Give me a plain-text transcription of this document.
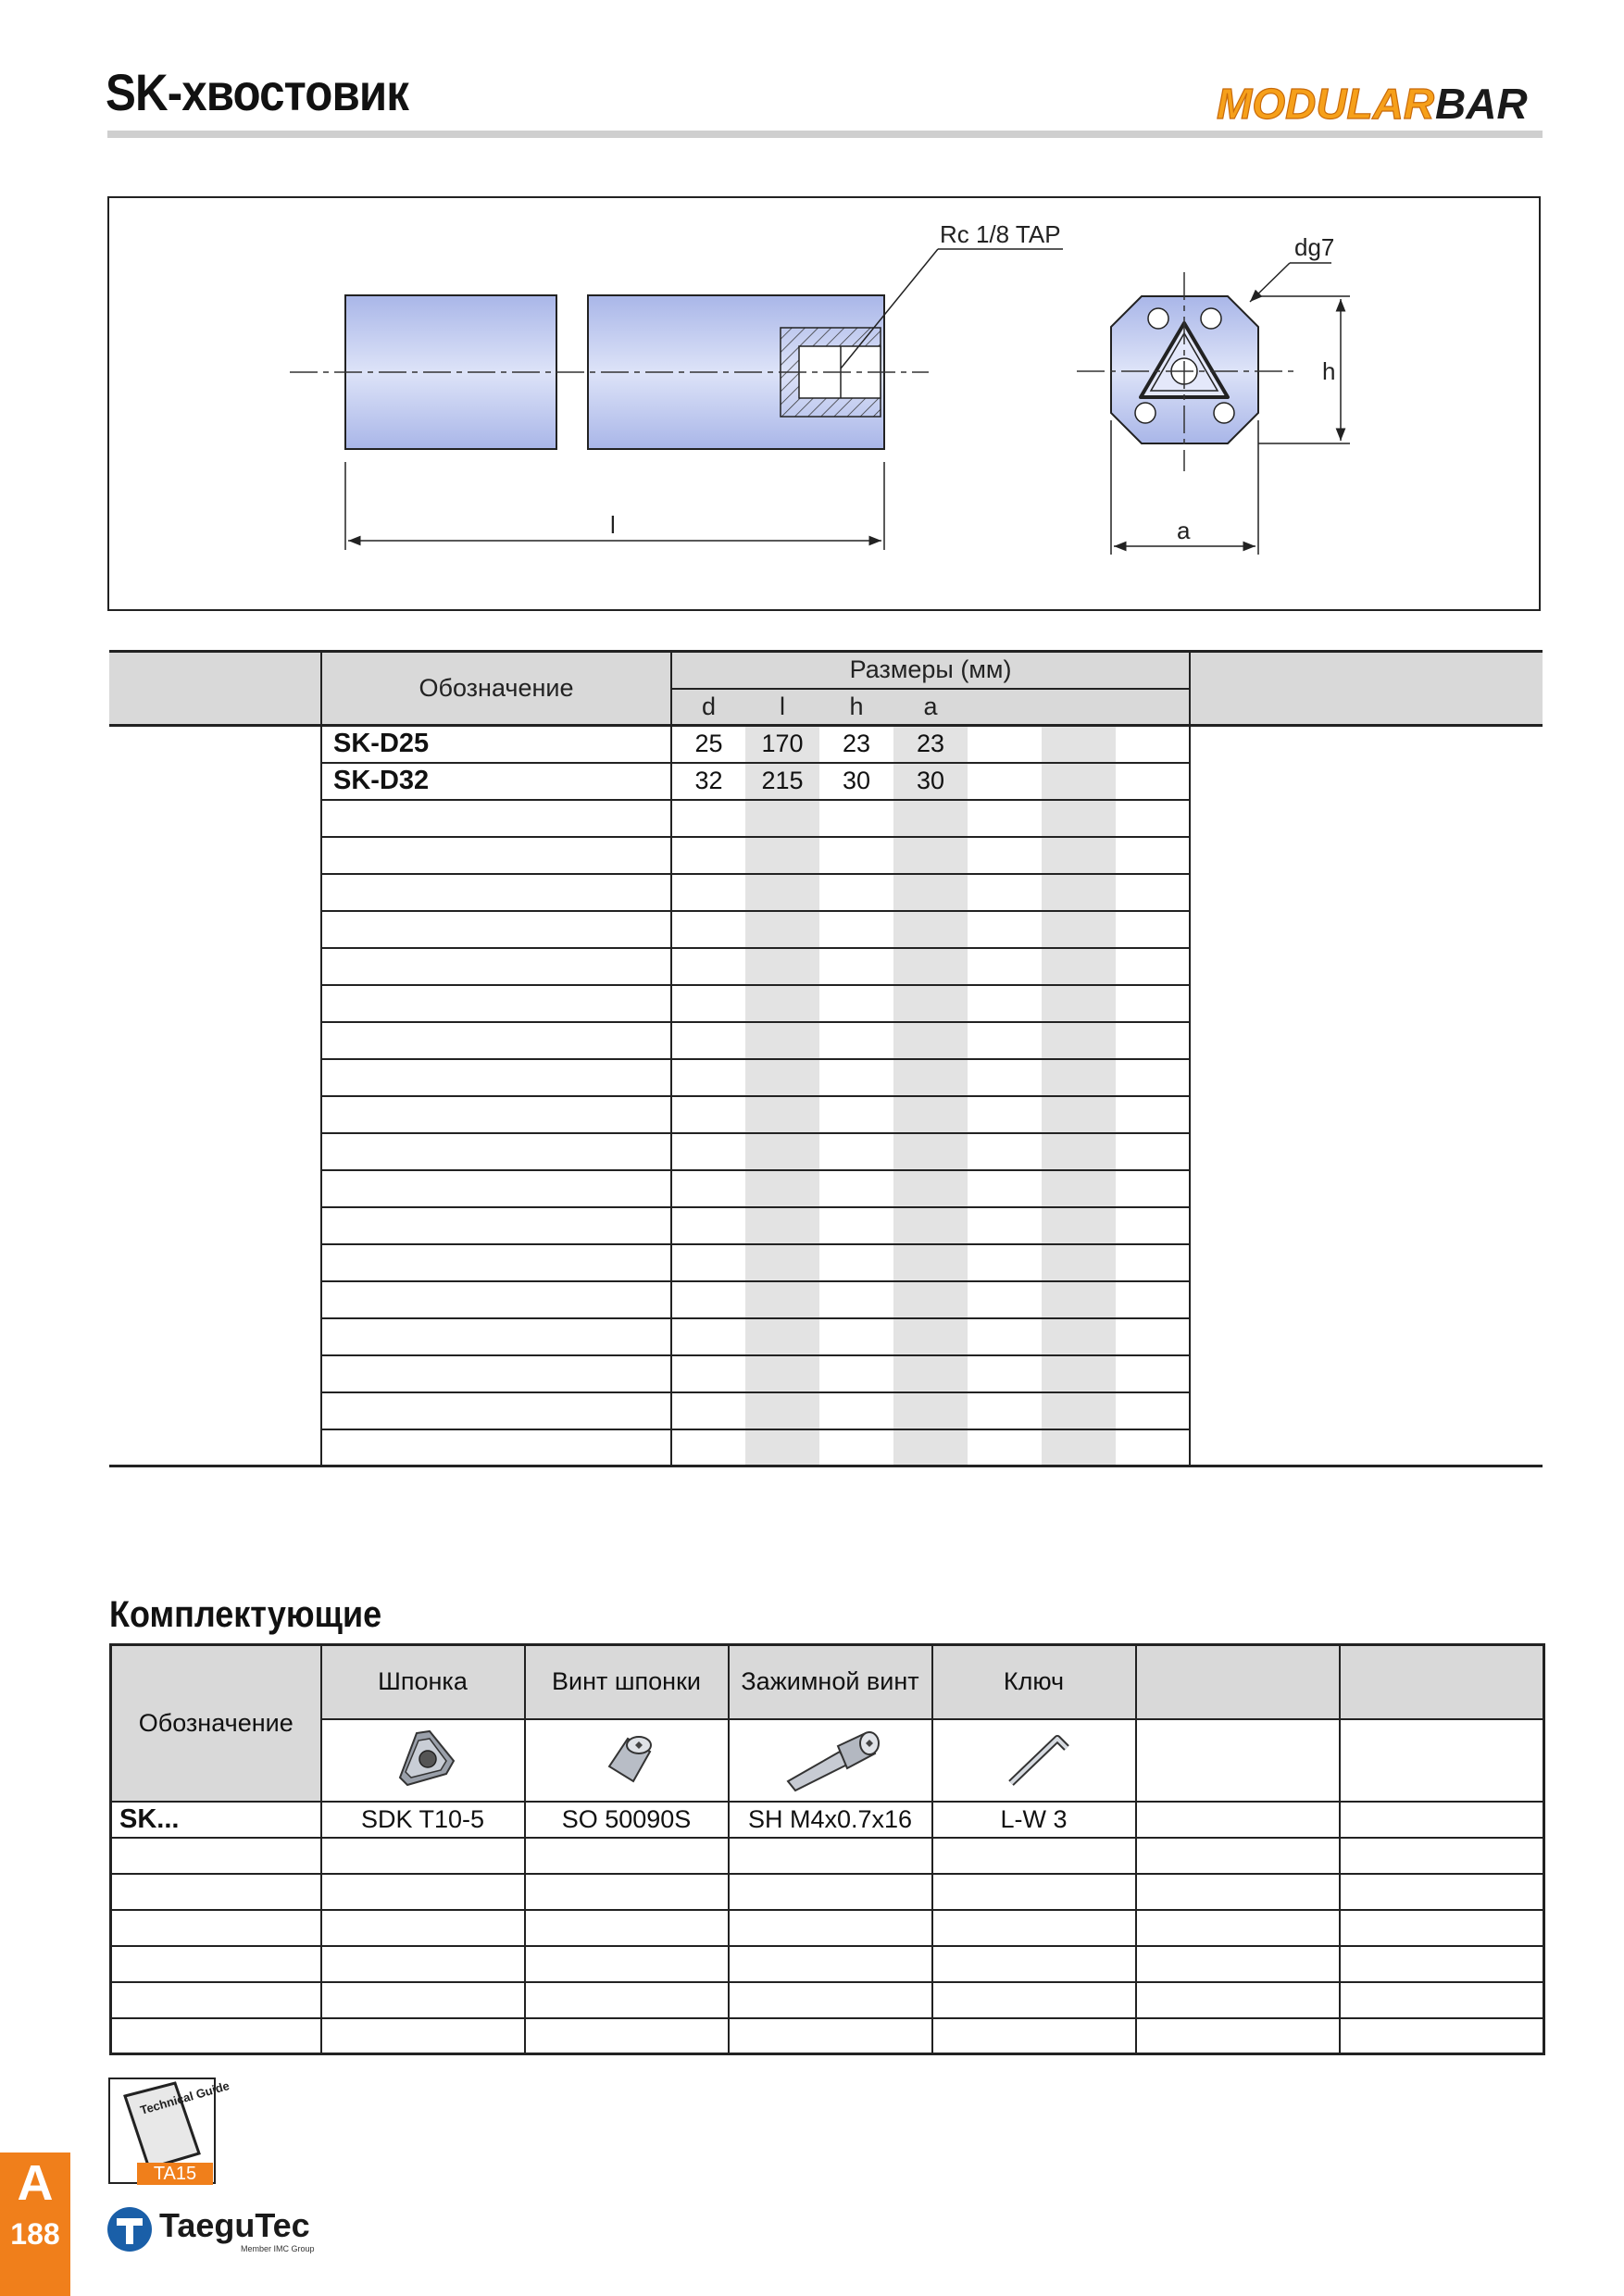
SK-хвостовик	MODULAR BAR
Rc 1/8 TAP
l
dg7
h
a
	Обозначение	Размеры (мм)							
		d	l	h	a				
	SK-D25	25	170	23	23				
	SK-D32	32	215	30	30				

Комплектующие
Обозначение	Шпонка	Винт шпонки	Зажимной винт	Ключ		

SK...	SDK T10-5	SO 50090S	SH M4x0.7x16	L-W 3		

Technical Guide
TA15
A
188	TaeguTec
Member IMC Group
